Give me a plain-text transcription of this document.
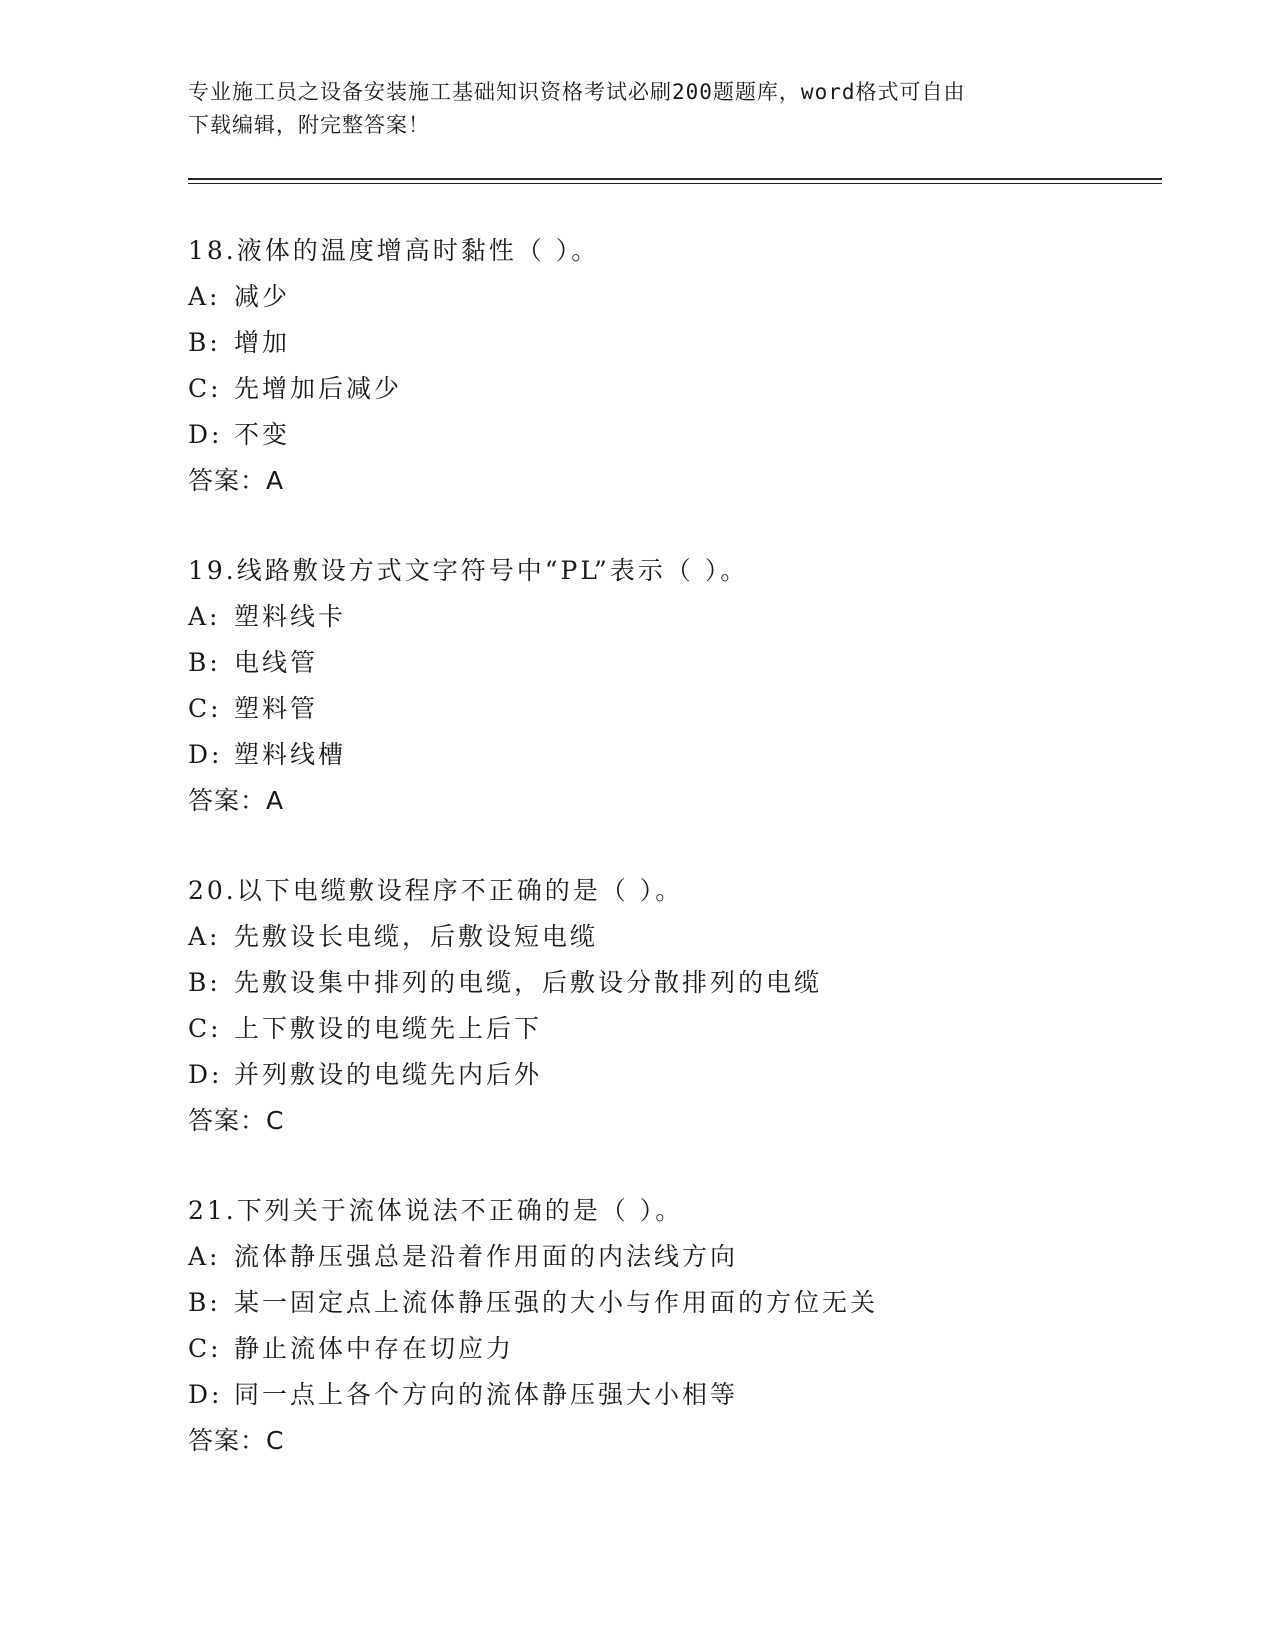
专业施工员之设备安装施工基础知识资格考试必刷200题题库，word格式可自由
下载编辑，附完整答案！
18.液体的温度增高时黏性（ ）。
A: 减少
B: 增加
C: 先增加后减少
D: 不变
答案：A
19.线路敷设方式文字符号中“PL”表示（ ）。
A: 塑料线卡
B: 电线管
C: 塑料管
D: 塑料线槽
答案：A
20.以下电缆敷设程序不正确的是（ ）。
A: 先敷设长电缆，后敷设短电缆
B: 先敷设集中排列的电缆，后敷设分散排列的电缆
C: 上下敷设的电缆先上后下
D: 并列敷设的电缆先内后外
答案：C
21.下列关于流体说法不正确的是（ ）。
A: 流体静压强总是沿着作用面的内法线方向
B: 某一固定点上流体静压强的大小与作用面的方位无关
C: 静止流体中存在切应力
D: 同一点上各个方向的流体静压强大小相等
答案：C
